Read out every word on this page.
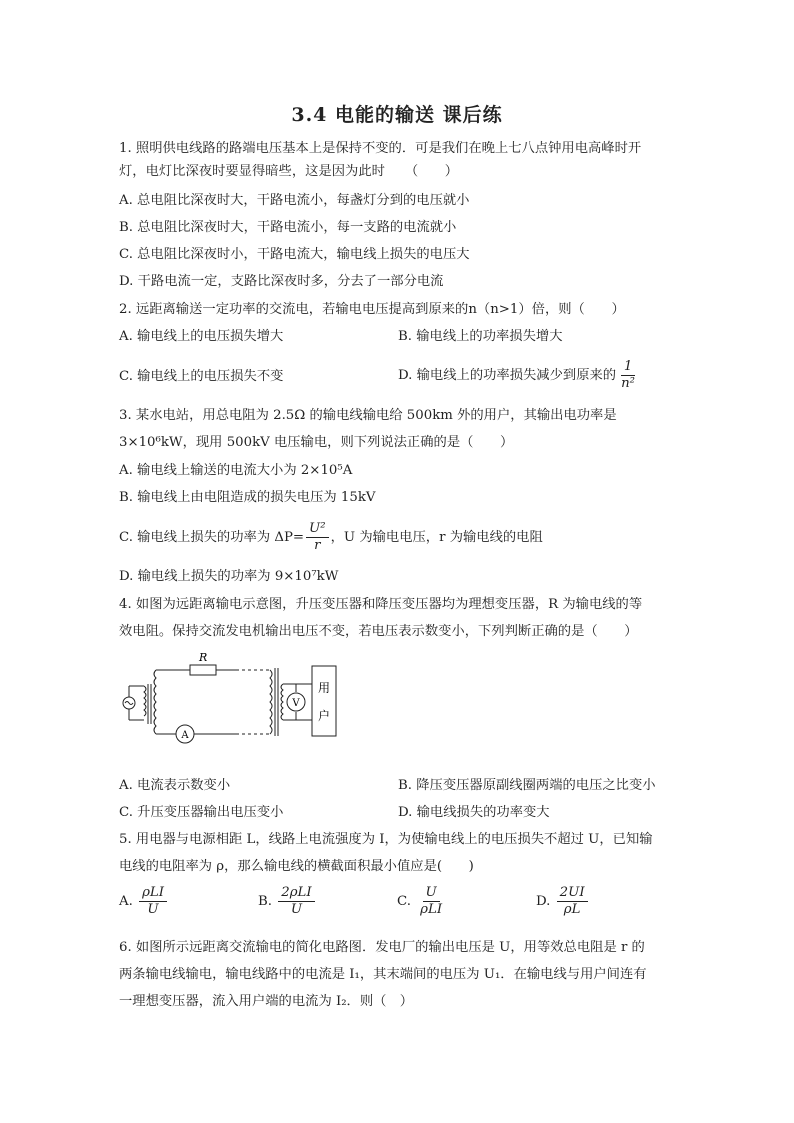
3.4 电能的输送 课后练
1. 照明供电线路的路端电压基本上是保持不变的．可是我们在晚上七八点钟用电高峰时开
灯，电灯比深夜时要显得暗些，这是因为此时　　（　　）
A. 总电阻比深夜时大，干路电流小，每盏灯分到的电压就小
B. 总电阻比深夜时大，干路电流小，每一支路的电流就小
C. 总电阻比深夜时小，干路电流大，输电线上损失的电压大
D. 干路电流一定，支路比深夜时多，分去了一部分电流
2. 远距离输送一定功率的交流电，若输电电压提高到原来的n（n>1）倍，则（　　）
A. 输电线上的电压损失增大	B. 输电线上的功率损失增大
C. 输电线上的电压损失不变	D. 输电线上的功率损失减少到原来的 $\frac{1}{\text{n²}}$
3. 某水电站，用总电阻为 2.5Ω 的输电线输电给 500km 外的用户，其输出电功率是
3×10⁶kW，现用 500kV 电压输电，则下列说法正确的是（　　）
A. 输电线上输送的电流大小为 2×10⁵A
B. 输电线上由电阻造成的损失电压为 15kV
C. 输电线上损失的功率为 $\Delta P= \frac{\text{U²}}{r}$ ，U 为输电电压，r 为输电线的电阻
D. 输电线上损失的功率为 9×10⁷kW
4. 如图为远距离输电示意图，升压变压器和降压变压器均为理想变压器，R 为输电线的等
效电阻。保持交流发电机输出电压不变，若电压表示数变小，下列判断正确的是（　　）
R
V
A
用
户
A. 电流表示数变小	B. 降压变压器原副线圈两端的电压之比变小
C. 升压变压器输出电压变小	D. 输电线损失的功率变大
5. 用电器与电源相距 L，线路上电流强度为 I，为使输电线上的电压损失不超过 U，已知输
电线的电阻率为 ρ，那么输电线的横截面积最小值应是(　　)
A. $\frac{\text{ρLI}}{U}$	B. $\frac{\text{2ρLI}}{U}$	C. $\frac{U}{\text{ρLI}}$	D. $\frac{2UI}{\rho L}$
6. 如图所示远距离交流输电的简化电路图．发电厂的输出电压是 U，用等效总电阻是 r 的
两条输电线输电，输电线路中的电流是 I₁，其末端间的电压为 U₁．在输电线与用户间连有
一理想变压器，流入用户端的电流为 I₂．则（　）
